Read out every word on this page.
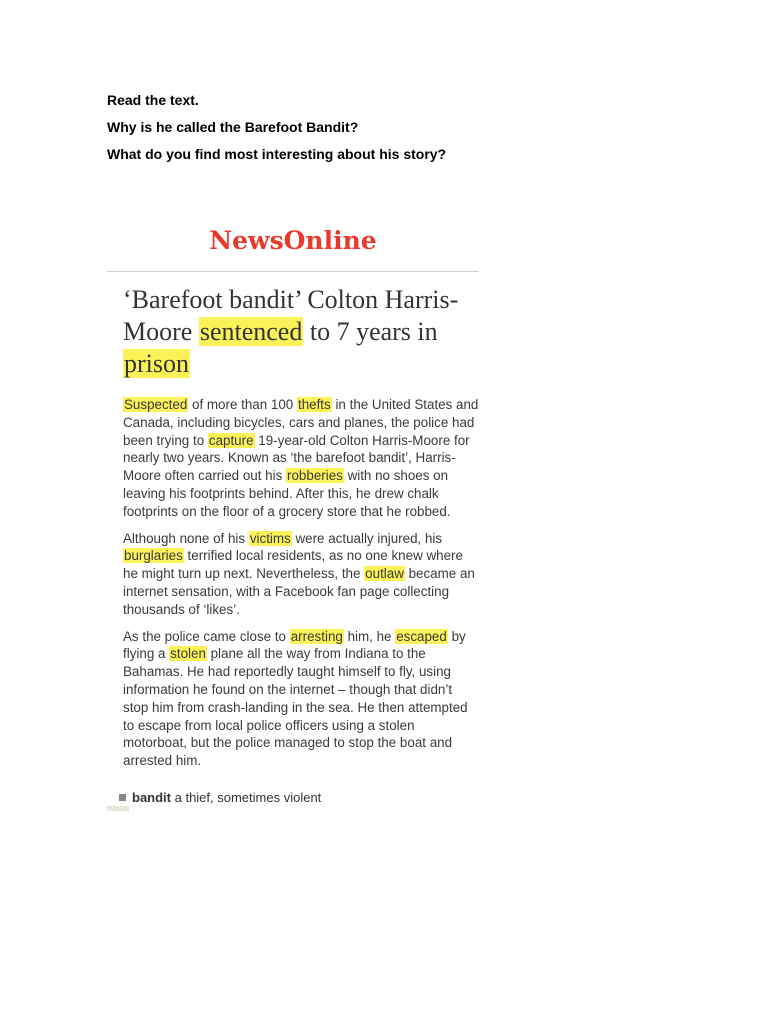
Read the text.
Why is he called the Barefoot Bandit?
What do you find most interesting about his story?
NewsOnline
‘Barefoot bandit’ Colton Harris-Moore sentenced to 7 years in prison

Suspected of more than 100 thefts in the United States and Canada, including bicycles, cars and planes, the police had been trying to capture 19-year-old Colton Harris-Moore for nearly two years. Known as ‘the barefoot bandit’, Harris-Moore often carried out his robberies with no shoes on leaving his footprints behind. After this, he drew chalk footprints on the floor of a grocery store that he robbed.

Although none of his victims were actually injured, his burglaries terrified local residents, as no one knew where he might turn up next. Nevertheless, the outlaw became an internet sensation, with a Facebook fan page collecting thousands of ‘likes’.

As the police came close to arresting him, he escaped by flying a stolen plane all the way from Indiana to the Bahamas. He had reportedly taught himself to fly, using information he found on the internet – though that didn’t stop him from crash-landing in the sea. He then attempted to escape from local police officers using a stolen motorboat, but the police managed to stop the boat and arrested him.

bandit a thief, sometimes violent
